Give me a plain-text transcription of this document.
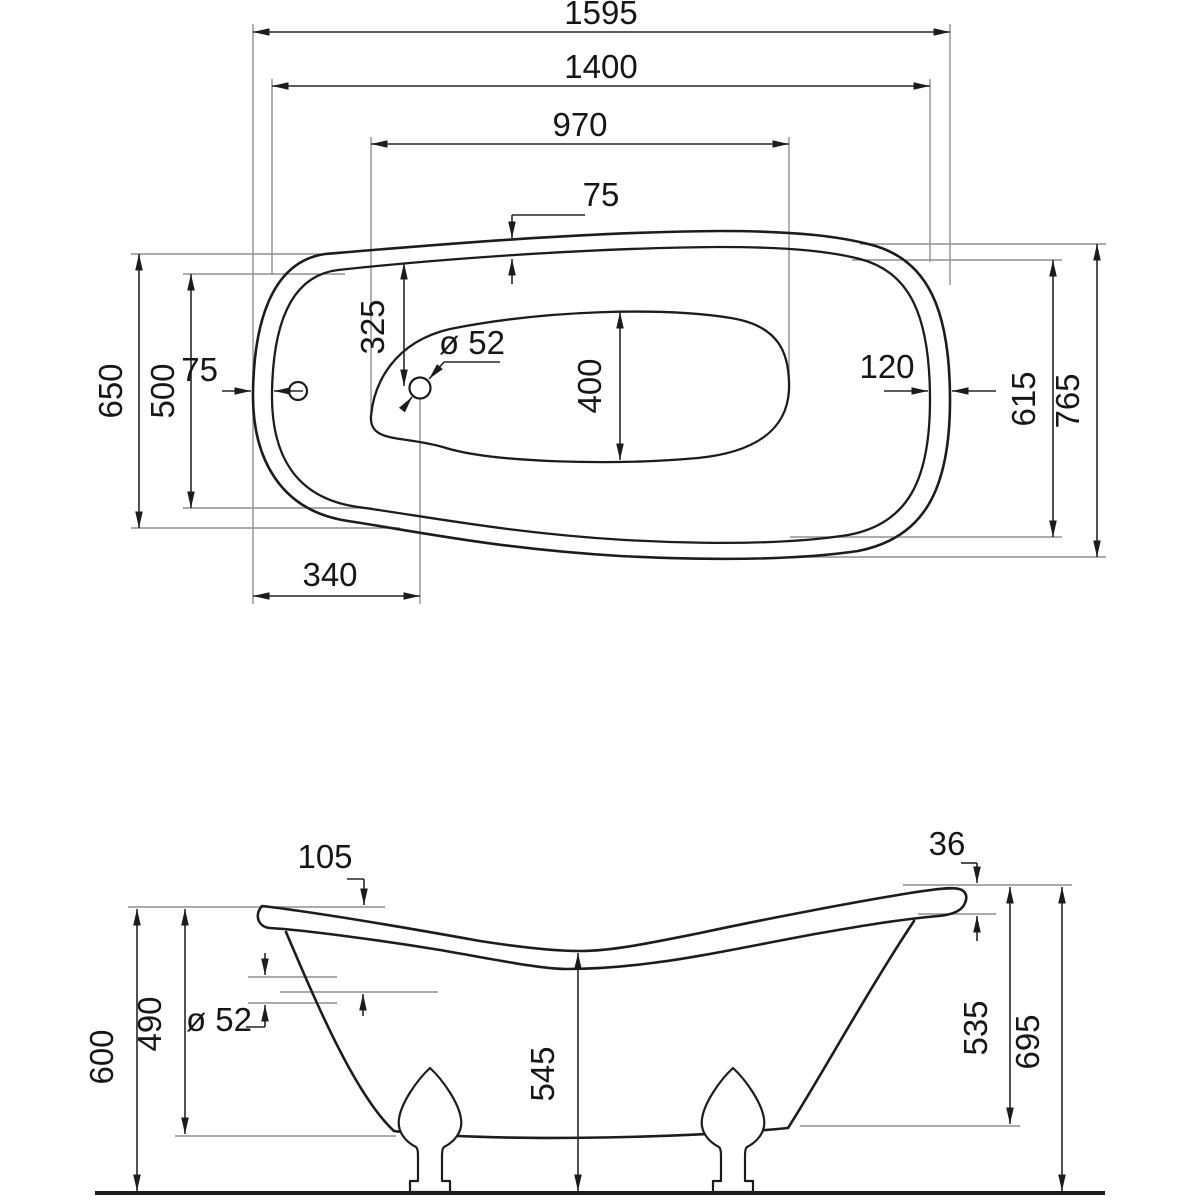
1595
1400
970
75
650 500 75
325 ø 52
400	120
615 765
340
105	36
600
490 ø 52
545
535 695
